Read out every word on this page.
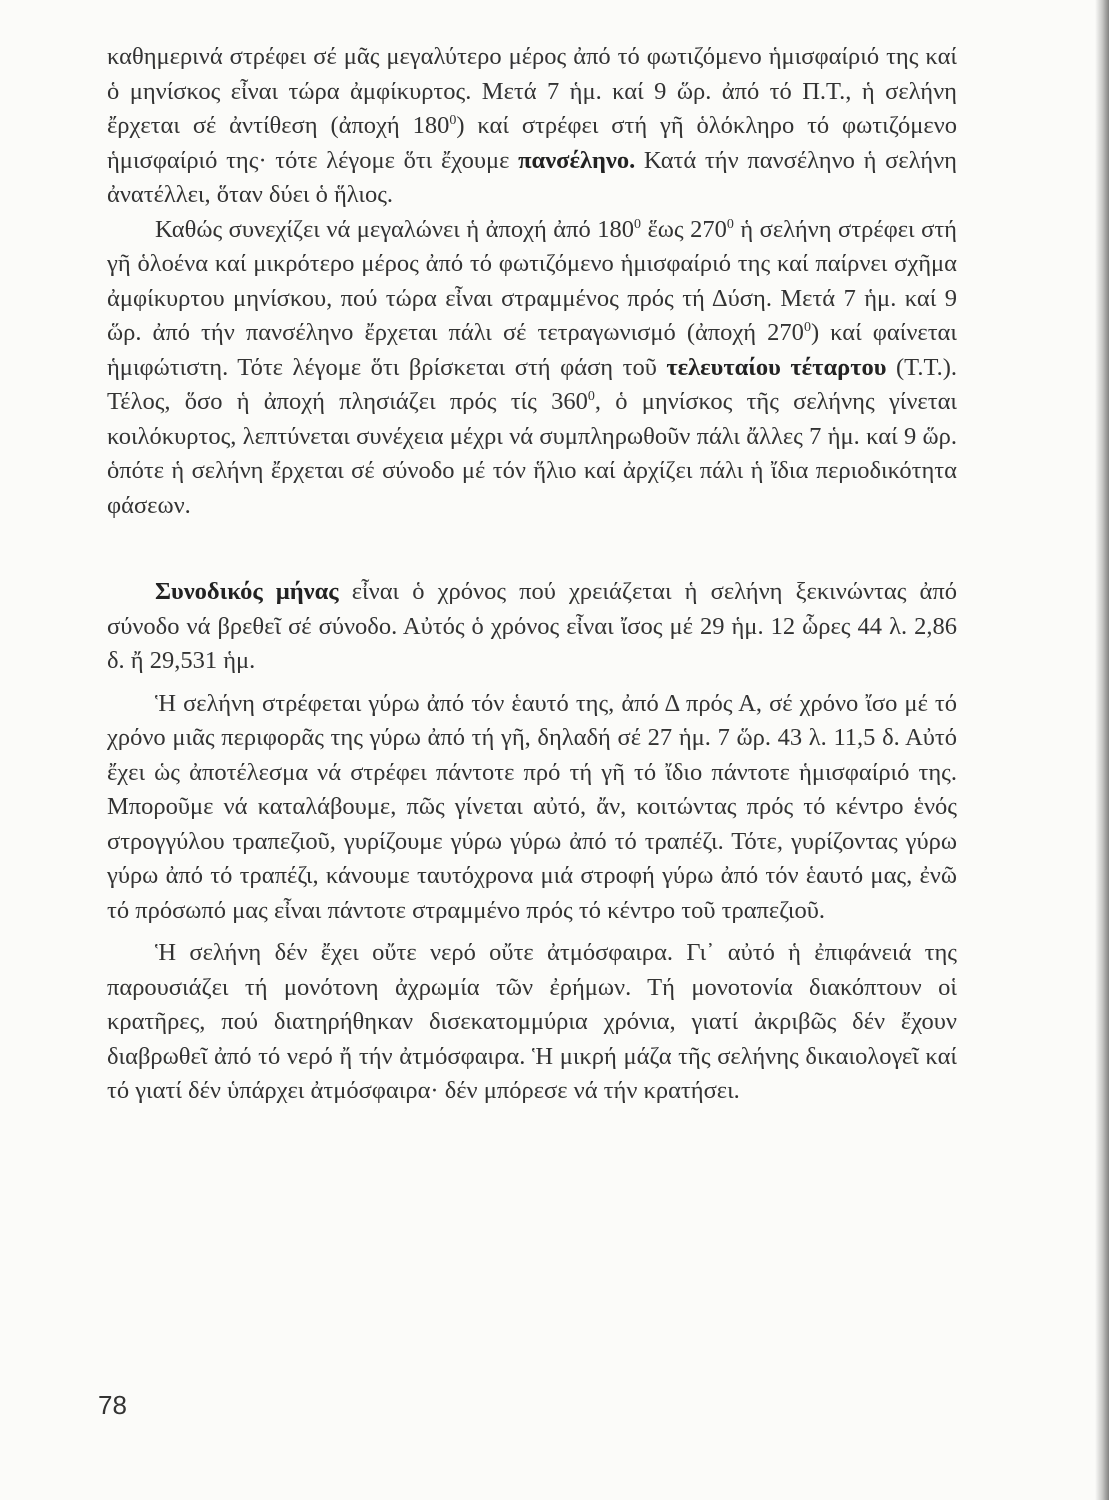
καθημερινά στρέφει σέ μᾶς μεγαλύτερο μέρος ἀπό τό φωτιζόμενο ἡμισφαίριό της καί ὁ μηνίσκος εἶναι τώρα ἀμφίκυρτος. Μετά 7 ἡμ. καί 9 ὥρ. ἀπό τό Π.Τ., ἡ σελήνη ἔρχεται σέ ἀντίθεση (ἀποχή $180^0$) καί στρέφει στή γῆ ὁλόκληρο τό φωτιζόμενο ἡμισφαίριό της· τότε λέγομε ὅτι ἔχουμε πανσέληνο. Κατά τήν πανσέληνο ἡ σελήνη ἀνατέλλει, ὅταν δύει ὁ ἥλιος.

Καθώς συνεχίζει νά μεγαλώνει ἡ ἀποχή ἀπό $180^0$ ἕως $270^0$ ἡ σελήνη στρέφει στή γῆ ὁλοένα καί μικρότερο μέρος ἀπό τό φωτιζόμενο ἡμισφαίριό της καί παίρνει σχῆμα ἀμφίκυρτου μηνίσκου, πού τώρα εἶναι στραμμένος πρός τή Δύση. Μετά 7 ἡμ. καί 9 ὥρ. ἀπό τήν πανσέληνο ἔρχεται πάλι σέ τετραγωνισμό (ἀποχή $270^0$) καί φαίνεται ἡμιφώτιστη. Τότε λέγομε ὅτι βρίσκεται στή φάση τοῦ τελευταίου τέταρτου (Τ.Τ.). Τέλος, ὅσο ἡ ἀποχή πλησιάζει πρός τίς $360^0$, ὁ μηνίσκος τῆς σελήνης γίνεται κοιλόκυρτος, λεπτύνεται συνέχεια μέχρι νά συμπληρωθοῦν πάλι ἄλλες 7 ἡμ. καί 9 ὥρ. ὁπότε ἡ σελήνη ἔρχεται σέ σύνοδο μέ τόν ἥλιο καί ἀρχίζει πάλι ἡ ἴδια περιοδικότητα φάσεων.

Συνοδικός μήνας εἶναι ὁ χρόνος πού χρειάζεται ἡ σελήνη ξεκινώντας ἀπό σύνοδο νά βρεθεῖ σέ σύνοδο. Αὐτός ὁ χρόνος εἶναι ἴσος μέ 29 ἡμ. 12 ὧρες 44 λ. 2,86 δ. ἤ 29,531 ἡμ.

Ἡ σελήνη στρέφεται γύρω ἀπό τόν ἑαυτό της, ἀπό Δ πρός Α, σέ χρόνο ἴσο μέ τό χρόνο μιᾶς περιφορᾶς της γύρω ἀπό τή γῆ, δηλαδή σέ 27 ἡμ. 7 ὥρ. 43 λ. 11,5 δ. Αὐτό ἔχει ὡς ἀποτέλεσμα νά στρέφει πάντοτε πρό τή γῆ τό ἴδιο πάντοτε ἡμισφαίριό της. Μποροῦμε νά καταλάβουμε, πῶς γίνεται αὐτό, ἄν, κοιτώντας πρός τό κέντρο ἑνός στρογγύλου τραπεζιοῦ, γυρίζουμε γύρω γύρω ἀπό τό τραπέζι. Τότε, γυρίζοντας γύρω γύρω ἀπό τό τραπέζι, κάνουμε ταυτόχρονα μιά στροφή γύρω ἀπό τόν ἑαυτό μας, ἐνῶ τό πρόσωπό μας εἶναι πάντοτε στραμμένο πρός τό κέντρο τοῦ τραπεζιοῦ.

Ἡ σελήνη δέν ἔχει οὔτε νερό οὔτε ἀτμόσφαιρα. Γι᾽ αὐτό ἡ ἐπιφάνειά της παρουσιάζει τή μονότονη ἀχρωμία τῶν ἐρήμων. Τή μονοτονία διακόπτουν οἱ κρατῆρες, πού διατηρήθηκαν δισεκατομμύρια χρόνια, γιατί ἀκριβῶς δέν ἔχουν διαβρωθεῖ ἀπό τό νερό ἤ τήν ἀτμόσφαιρα. Ἡ μικρή μάζα τῆς σελήνης δικαιολογεῖ καί τό γιατί δέν ὑπάρχει ἀτμόσφαιρα· δέν μπόρεσε νά τήν κρατήσει.

78
